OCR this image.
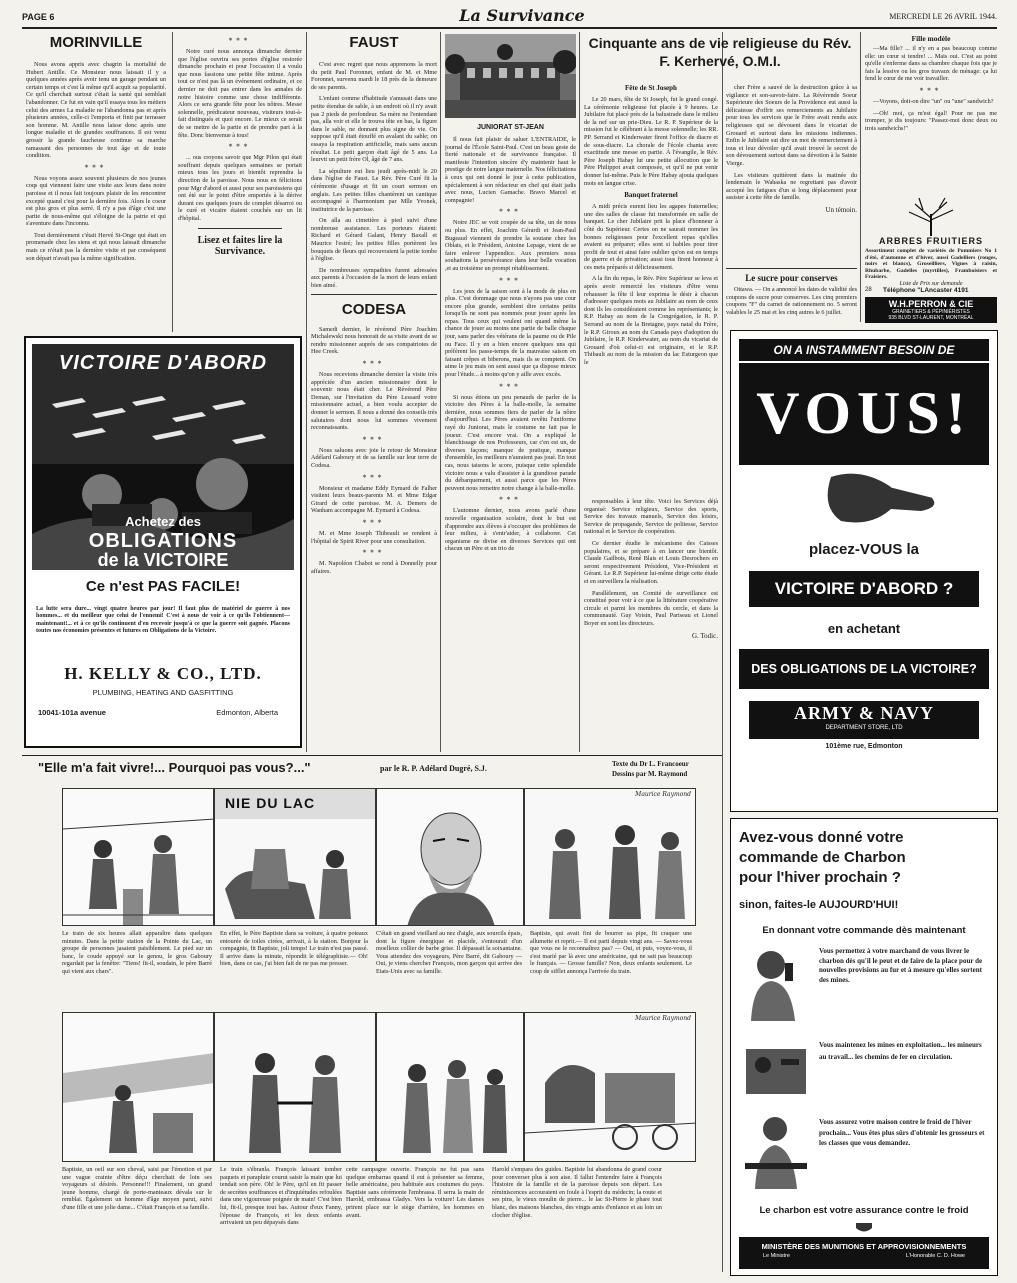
PAGE 6	La Survivance	MERCREDI LE 26 AVRIL 1944.
MORINVILLE
Nous avons appris avec chagrin la mortalité de Hubert Antille. Ce Monsieur nous laissait il y a quelques années après avoir tenu un garage pendant un certain temps et c'est là même qu'il acquit sa popularité. Ce qu'il cherchait surtout c'était la santé qui semblait l'abandonner. Ce fut en vain qu'il essaya tous les métiers celui des armes La maladie ne l'abandonna pas et après plusieurs années, celle-ci l'emporta et finit par terrasser son homme. M. Antille nous laisse donc après une longue maladie et de grandes souffrances. Il est venu grossir la grande faucheuse continue sa marche ramassant des personnes de tout âge et de toute condition.
***
Nous voyons assez souvent plusieurs de nos jeunes coqs qui viennent faire une visite aux leurs dans notre paroisse et il nous fait toujours plaisir de les rencontrer excepté quand c'est pour la dernière fois. Alors le coeur est plus gros et plus serré. Il n'y a pas d'âge c'est une partie de nous-même qui s'éloigne de la patrie et qui s'aventure dans l'inconnu.
Tout dernièrement c'était Hervé St-Onge qui était en promenade chez les siens et qui nous laissait dimanche mais ce n'était pas la dernière visite et par conséquent son départ n'avait pas la même signification.
***
Notre curé nous annonça dimanche dernier que l'église ouvrira ses portes d'église restorée dimanche prochain et pour l'occasion il a voulu que nous fassions une petite fête intime. Après tout ce n'est pas là un événement ordinaire, et ce dernier ne doit pas entrer dans les annales de notre histoire comme une chose indifférente. Alors ce sera grande fête pour les nôtres. Messe solennelle, prédicateur nouveau, visiteurs tout-à-fait distingués et quoi encore. Le mieux ce serait de se mettre de la partie et de prendre part à la fête. Donc bienvenue à tous!
***
... ous croyons savoir que Mgr Pilon qui était souffrant depuis quelques semaines se portait mieux tous les jours et bientôt reprendra la direction de la paroisse. Nous nous en félicitons pour Mgr d'abord et aussi pour ses paroissiens qui ont été sur le point d'être emportés à la dérive durant ces quelques jours de complet désarroi ou le curé et vicaire étaient couchés sur un lit d'hôpital.
Lisez et faites lire la Survivance.
VICTOIRE D'ABORD
Achetez des
OBLIGATIONS
de la VICTOIRE
Ce n'est PAS FACILE!
La lutte sera dure... vingt quatre heures par jour! Il faut plus de matériel de guerre à nos hommes... et du meilleur que celui de l'ennemi! C'est à nous de voir à ce qu'ils l'obtiennent—maintenant!... et à ce qu'ils continuent d'en recevoir jusqu'à ce que la guerre soit gagnée. Placons toutes nos économies présentes et futures en Obligations de la Victoire.
H. KELLY & CO., LTD.
PLUMBING, HEATING AND GASFITTING
10041-101a avenue	Edmonton, Alberta
FAUST
C'est avec regret que nous apprenons la mort du petit Paul Foronnet, enfant de M. et Mme Foronnet, survenu mardi le 18 près de la demeure de ses parents.
L'enfant comme d'habitude s'amusait dans une petite étendue de sable, à un endroit où il n'y avait pas 2 pieds de profondeur. Sa mère ne l'entendant pas, alla voir et elle le trouva tête en bas, la figure dans le sable, ne donnant plus signe de vie. On suppose qu'il était étouffé en avalant du sable; on essaya la respiration artificielle, mais sans aucun résultat. Le petit garçon était âgé de 5 ans. La leurvit un petit frère Ol, âgé de 7 ans.
La sépulture eut lieu jeudi après-midi le 20 dans l'église de Faust. Le Rév. Père Curé fit la cérémonie d'usage et fit un court sermon en anglais. Les petites filles chantèrent un cantique accompagné à l'harmonium par Mlle Yvonek, institutrice de la paroisse.
On alla au cimetière à pied suivi d'une nombreuse assistance. Les porteurs étaient: Richard et Gérard Galant, Henry Baxall et Maurice l'estré; les petites filles portèrent les bouquets de fleurs qui recouvraient la petite tombe à l'église.
De nombreuses sympathies furent adressées aux parents à l'occasion de la mort de leurs enfant bien aimé.
CODESA
Samedi dernier, le révérend Père Joachim Michalewski nous honorait de sa visite avant de se rendre missionner auprès de ses compatriotes de Hee Creek.
***
Nous recevions dimanche dernier la visite très appréciée d'un ancien missionnaire dont le souvenir nous était cher. Le Révérend Père Deman, sur l'invitation du Père Lessard votre missionnaire actuel, a bien voulu accepter de donner le sermon. Il nous a donné des conseils très salutaires dont nous lui sommes vivement reconnaissants.
***
Nous saluons avec joie le retour de Monsieur Adélard Gaboury et de sa famille sur leur terre de Codesa.
***
Monsieur et madame Eddy Eymard de Falher visitent leurs beaux-parents M. et Mme Edgar Girard de cette paroisse. M. A. Demers de Wanham accompagne M. Eymard à Codesa.
***
M. et Mme Joseph Thibeault se rendent à l'hôpital de Spirit River pour une consultation.
***
M. Napoléon Chabot se rend à Donnelly pour affaires.
JUNIORAT ST-JEAN
Il nous fait plaisir de saluer L'ENTRAIDE, le journal de l'École Saint-Paul. C'est un beau geste de fierté nationale et de survivance française. Il manifeste l'intention sincère d'y maintenir haut le prestige de notre langue maternelle. Nos félicitations à ceux qui ont donné le jour à cette publication, spécialement à son rédacteur en chef qui était jadis avec nous, Lucien Gamache. Bravo Marcel et compagnie!
***
Notre JEC se voit coupée de sa tête, un de nous ou plus. En effet, Joachim Gérardi et Jean-Paul Bugeaud viennent de prendre la soutane chez les Oblats, et le Président, Antoine Lepage, vient de se faire enlever l'appendice. Aux premiers nous souhaitons la persévérance dans leur belle vocation ,et au troisième un prompt rétablissement.
***
Les jeux de la saison sont à la mode de plus en plus. C'est dommage que nous n'ayons pas une cour encore plus grande, semblent dire certains petits lorsqu'ils ne sont pas nommés pour jouer après les repas. Tous ceux qui veulent ont quand même la chance de jouer au moins une partie de balle chaque jour, sans parler des vétérans de la paume ou de Pile ou Face. Il y en a bien encore quelques uns qui préfèrent les passe-temps de la mauvaise saison en faisant crêpes et biberons, mais ils se comptent. On aime le jeu mais on sent aussi que ça dispose mieux pour l'étude... à moins qu'on y aille avec excès.
***
Si nous étions un peu penauds de parler de la victoire des Pères à la balle-molle, la semaine dernière, nous sommes fiers de parler de la nôtre d'aujourd'hui. Les Pères avaient revêtu l'uniforme rayé du Juniorat, mais le costume ne fait pas le joueur. C'est encore vrai. On a expliqué le blanchissage de nos Professeurs, car c'en est un, de diverses façons; manque de pratique, manque d'ensemble, les meilleurs n'auraient pas joué. En tout cas, nous taisons le score, puisque cette splendide victoire nous a valu d'assister à la grandiose parade du débarquement, et aussi parce que les Pères peuvent nous remettre notre change à la balle-molle.
***
L'automne dernier, nous avons parlé d'une nouvelle organisation scolaire, dont le but est d'apprendre aux élèves à s'occuper des problèmes de leur milieu, à s'entr'aider, à collaborer. Cet organisme ne divise en diverses Services qui ont chacun un Père et un trio de
Cinquante ans de vie religieuse du Rév. F. Kerhervé, O.M.I.
Fête de St Joseph
Le 20 mars, fête de St Joseph, fut le grand congé. La cérémonie religieuse fut placée à 9 heures. Le Jubilaire fut placé près de la balustrade dans le milieu de la nef sur un prie-Dieu. Le R. P. Supérieur de la mission fut le célébrant à la messe solennelle; les RR. PP. Serrand et Kinderwater firent l'office de diacre et de sous-diacre. La chorale de l'école chanta avec exactitude une messe en partie. À l'évangile, le Rév. Père Joseph Habay lut une petite allocution que le Père Philippot avait composée, et qu'il ne put venir donner lui-même. Puis le Père Habay ajouta quelques mots en langue crise.
Banquet fraternel
A midi précis eurent lieu les agapes fraternelles; une des salles de classe fut transformée en salle de banquet. Le cher Jubilaire prit la place d'honneur à côté du Supérieur. Certes on ne saurait nommer les bonnes religieuses pour l'excellent repas qu'elles avaient su préparer; elles sont si habiles pour tirer profit de tout et ainsi faire oublier qu'on est en temps de guerre et de privation; aussi tous firent honneur à ces mets préparés si délicieusement.
A la fin du repas, le Rév. Père Supérieur se leva et après avoir remercié les visiteurs d'être venu rehausser la fête il leur exprima le désir à chacun d'adresser quelques mots au Jubilaire au nom de ceux dont ils les considéraient comme les représentants; le R.P. Habay au nom de la Congrégation, le R. P. Serrand au nom de la Bretagne, pays natal du Frère, le R.P. Giroux au nom du Canada pays d'adoption du Jubilaire, le R.P. Kinderwater, au nom du vicariat de Grouard d'où celui-ci est originaire, et le R.P. Thibault au nom de la mission du lac Esturgeon que le
cher Frère a sauvé de la destruction grâce à sa vigilance et son-savoir-faire. La Révérende Soeur Supérieure des Soeurs de la Providence eut aussi la délicatesse d'offrir ses remerciements au Jubilaire pour tous les services que le Frère avait rendu aux religieuses qui se dévouent dans le vicariat de Grouard et surtout dans les missions indiennes. Enfin le Jubilaire sut dire un mot de remerciement à tous et leur dévoiler qu'il avait trouvé le secret de son dévouement surtout dans sa dévotion à la Sainte Vierge.
Les visiteurs quittèrent dans la matinée du lendemain le Wabaska ne regrettant pas d'avoir accepté les fatigues d'un si long déplacement pour assister à cette fête de famille.
Un témoin.
Le sucre pour conserves
Ottawa. — On a annoncé les dates de validité des coupons de sucre pour conserves. Les cinq premiers coupons "F" du carnet de rationnement no. 5 seront valables le 25 mai et les cinq autres le 6 juillet.
responsables à leur tête. Voici les Services déjà organisé: Service religieux, Service des sports, Service des travaux manuels, Service des loisirs, Service de propagande, Service de politesse, Service national et le Service de coopération.
Ce dernier étudie le mécanisme des Caisses populaires, et se prépare à en lancer une bientôt. Claude Gailbois, René Blais et Louis Desrochers en seront respectivement Président, Vice-Président et Gérant. Le R.P. Supérieur lui-même dirige cette étude et en surveillera la réalisation.
Parallèlement, un Comité de surveillance est constitué pour voir à ce que la littérature coopérative circule et parmi les membres du cercle, et dans la communauté. Guy Voisin, Paul Pariseau et Lionel Boyer en sont les directeurs.
G. Todic.
Fille modèle
—Ma fille? ... il n'y en a pas beaucoup comme elle: un cœur si tendre! ... Mais oui. C'est au point qu'elle s'enferme dans sa chambre chaque fois que je fais la lessive ou les gros travaux de ménage: ça lui fend le cœur de me voir travailler.
***
—Voyons, doit-on dire "un" ou "une" sandwich?
—Oh! moi, ça m'est égal! Pour ne pas me tromper, je dis toujours: "Passez-moi donc deux ou trois sandwichs!"
ARBRES FRUITIERS
Assortiment complet de variétés de Pommiers No 1 d'été, d'automne et d'hiver, aussi Gadelliers (rouges, noirs et blancs), Groseilliers, Vignes à raisin, Rhubarbe, Gadelles (myrtilles), Framboisiers et Fraisiers.
Liste de Prix sur demande
28 Téléphone "LAncaster 4191
W.H.PERRON & CIE
GRAINETIERS & PÉPINIÉRISTES
935 BLVD ST-LAURENT, MONTRÉAL
ON A INSTAMMENT BESOIN DE
VOUS!
placez-VOUS la
VICTOIRE D'ABORD ?
en achetant
DES OBLIGATIONS DE LA VICTOIRE?
ARMY & NAVY
DEPARTMENT STORE, LTD
101ème rue, Edmonton
Avez-vous donné votre
commande de Charbon
pour l'hiver prochain ?
sinon, faites-le AUJOURD'HUI!
En donnant votre commande dès maintenant
Vous permettez à votre marchand de vous livrer le charbon dès qu'il le peut et de faire de la place pour de nouvelles provisions au fur et à mesure qu'elles sortent des mines.
Vous maintenez les mines en exploitation... les mineurs au travail... les chemins de fer en circulation.
Vous assurez votre maison contre le froid de l'hiver prochain... Vous êtes plus sûrs d'obtenir les grosseurs et les classes que vous demandez.
Le charbon est votre assurance contre le froid
MINISTÈRE DES MUNITIONS ET APPROVISIONNEMENTS
Le Ministre	L'Honorable C. D. Howe
"Elle m'a fait vivre!... Pourquoi pas vous?..."	par le R. P. Adélard Dugré, S.J.	Texte du Dr L. Francoeur
Dessins par M. Raymond
NIE DU LAC
Maurice Raymond
Le train de six heures allait apparaître dans quelques minutes. Dans la petite station de la Pointe du Lac, un groupe de personnes jasaient paisiblement. Le pied sur un banc, le coude appuyé sur le genou, le gros Gaboury regardait par la fenêtre: "Tiens! fit-il, soudain, le père Barré qui vient aux chars".
En effet, le Père Baptiste dans sa voiture, à quatre poteaux entourée de toiles cirées, arrivait, à la station. Bonjour la compagnie, fit Baptiste, joli temps! Le train n'est pas passé. Il arrive dans la minute, répondit le télégraphiste.— Oh! bien, dans ce cas, j'ai bien fait de ne pas me presser.
C'était un grand vieillard au nez d'aigle, aux sourcils épais, dont la figure énergique et placide, s'entourait d'un moelleux collier de barbe grise. Il dépassait la soixantaine. Vous attendez des voyageurs, Père Barré, dit Gaboury — Oui, je viens chercher François, mon garçon qui arrive des Etats-Unis avec sa famille.
Baptiste, qui avait fini de bourrer sa pipe, fit craquer une allumette et reprit.— Il est parti depuis vingt ans. — Savez-vous que vous ne le reconnaîtrez pas? — Oui, et puis, voyez-vous, il s'est marié par là avec une américaine, qui ne sait pas beaucoup le français. — Grosse famille? Non, deux enfants seulement. Le coup de sifflet annonça l'arrivée du train.
Maurice Raymond
Baptiste, un oeil sur son cheval, saisi par l'émotion et par une vague crainte d'être déçu cherchait de loin ses voyageurs si désirés. Personne!!! Finalement, un grand jeune homme, chargé de porte-manteaux dévala sur le remblai. Également un homme d'âge moyen parut, suivi d'une fille et une jolie dame... C'était François et sa famille.
Le train s'ébranla. François laissant tomber paquets et parapluie courut saisir la main que lui tendait son père. Oh! le Père, qu'il en fit passer de secrètes souffrances et d'inquiétudes refoulées dans une vigoureuse poignée de main! C'est bien lui, fit-il, presque tout bas. Autour d'eux Fanny, l'épouse de François, et les deux enfants arrivaient un peu dépaysés dans
cette campagne ouverte. François ne fut pas sans quelque embarras quand il eut à présenter sa femme, belle américaine, peu habituée aux coutumes du pays. Baptiste sans cérémonie l'embrassa. Il serra la main de Harold, embrassa Gladys. Vers la voiture! Les dames prirent place sur le siège d'arrière, les hommes en avant.
Harold s'empara des guides. Baptiste lui abandonna de grand coeur pour converser plus à son aise. Il fallut l'entendre faire à François l'histoire de la famille et de la paroisse depuis son départ. Les réminiscences accouraient en foule à l'esprit du médecin; la route et ses pins, le vieux moulin de pierre... le lac St-Pierre le phare tout blanc, des maisons blanches, des vingts amis d'enfance et au loin un clocher d'église.
